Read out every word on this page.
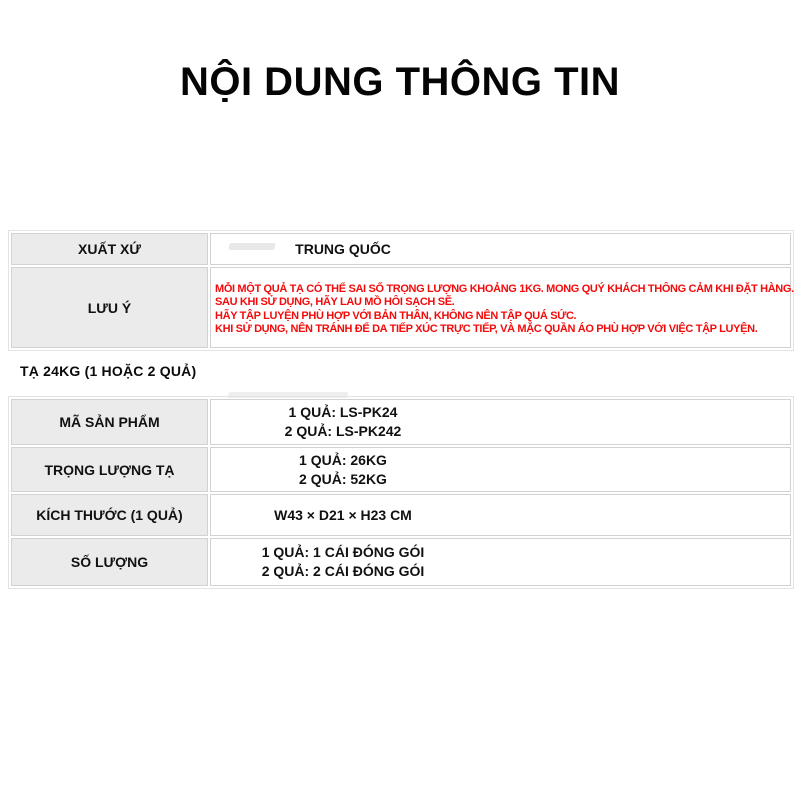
NỘI DUNG THÔNG TIN
XUẤT XỨ	TRUNG QUỐC

LƯU Ý	MỖI MỘT QUẢ TẠ CÓ THỂ SAI SỐ TRỌNG LƯỢNG KHOẢNG 1KG. MONG QUÝ KHÁCH THÔNG CẢM KHI ĐẶT HÀNG.
SAU KHI SỬ DỤNG, HÃY LAU MỒ HÔI SẠCH SẼ.
HÃY TẬP LUYỆN PHÙ HỢP VỚI BẢN THÂN, KHÔNG NÊN TẬP QUÁ SỨC.
KHI SỬ DỤNG, NÊN TRÁNH ĐỂ DA TIẾP XÚC TRỰC TIẾP, VÀ MẶC QUẦN ÁO PHÙ HỢP VỚI VIỆC TẬP LUYỆN.
TẠ 24KG (1 HOẶC 2 QUẢ)
MÃ SẢN PHẨM	1 QUẢ: LS-PK24
2 QUẢ: LS-PK242

TRỌNG LƯỢNG TẠ	1 QUẢ: 26KG
2 QUẢ: 52KG

KÍCH THƯỚC (1 QUẢ)	W43 × D21 × H23 CM

SỐ LƯỢNG	1 QUẢ: 1 CÁI ĐÓNG GÓI
2 QUẢ: 2 CÁI ĐÓNG GÓI
